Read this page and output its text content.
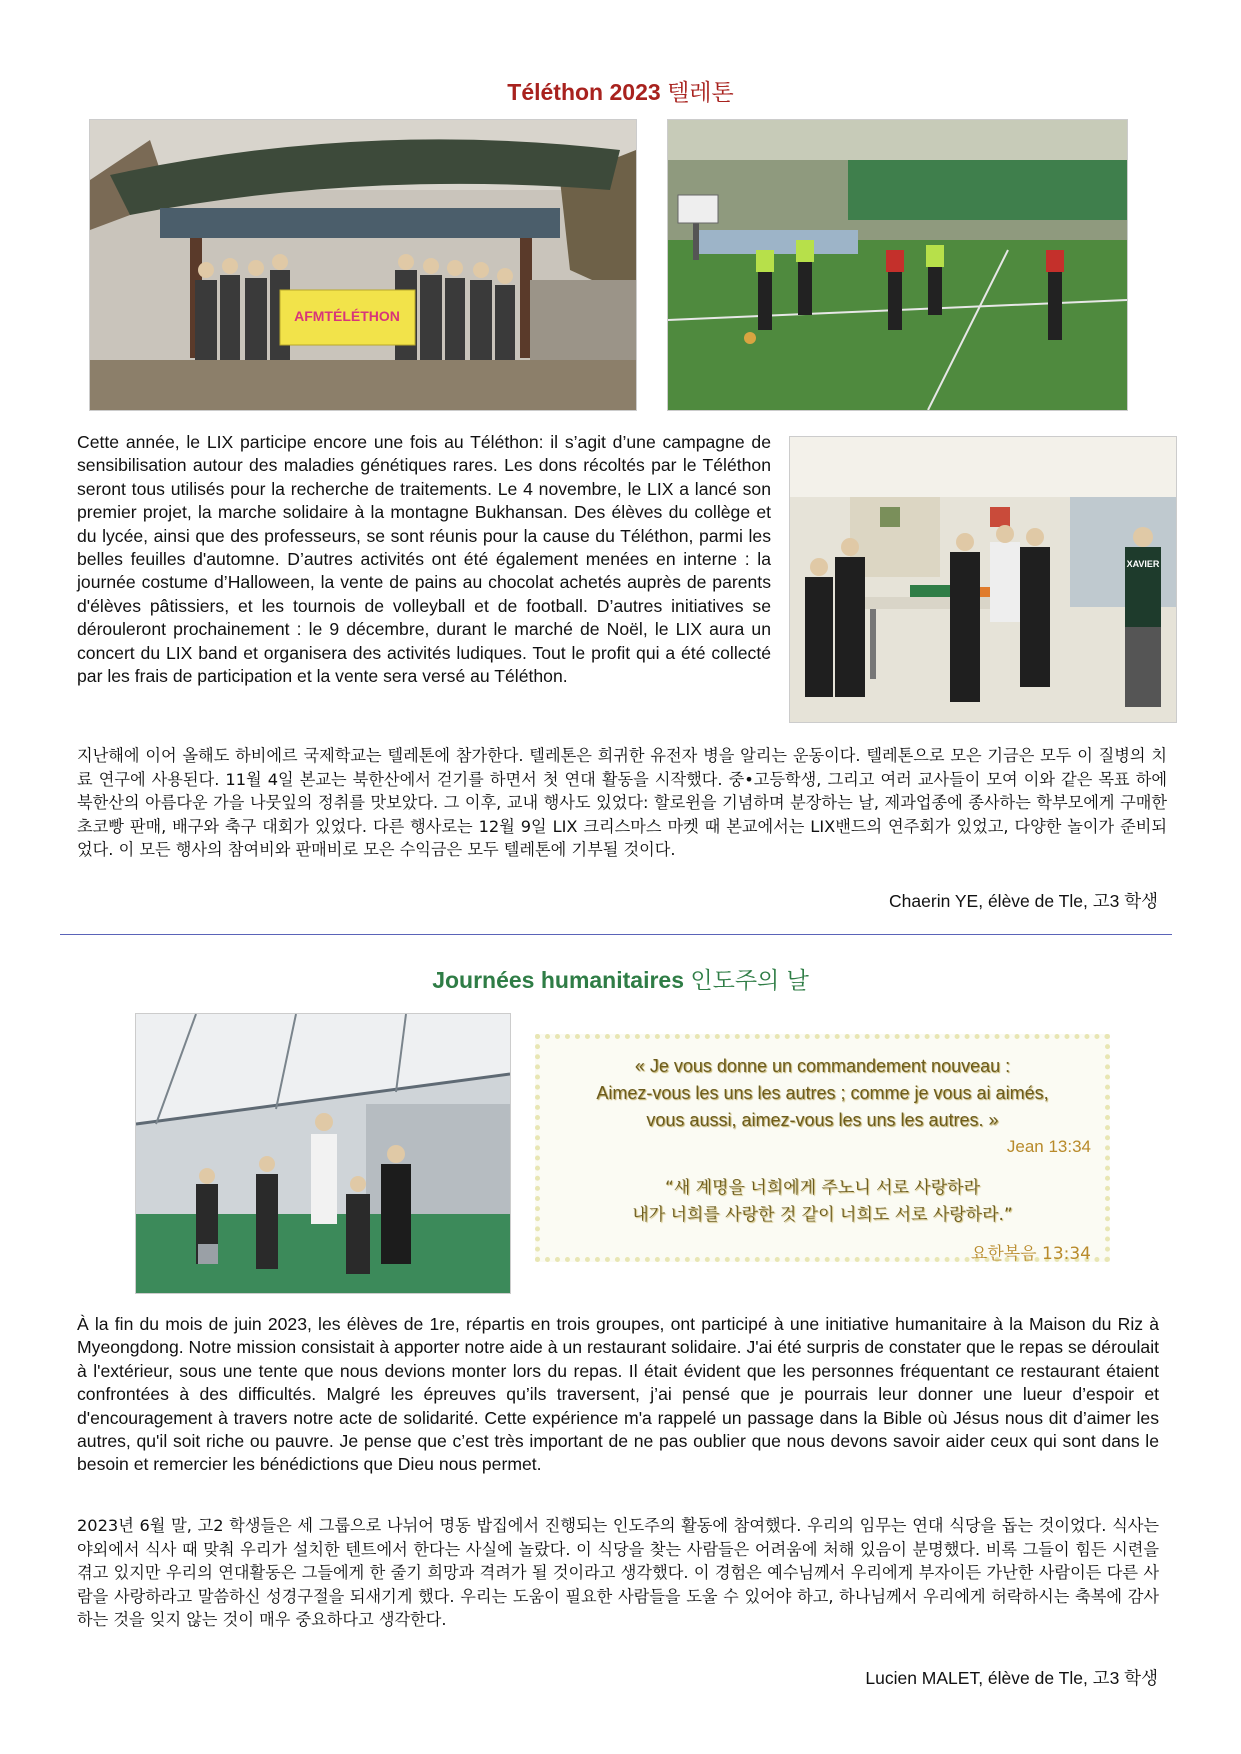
Téléthon 2023 텔레톤
AFMTÉLÉTHON

Cette année, le LIX participe encore une fois au Téléthon: il s’agit d’une campagne de sensibilisation autour des maladies génétiques rares. Les dons récoltés par le Téléthon seront tous utilisés pour la recherche de traitements. Le 4 novembre, le LIX a lancé son premier projet, la marche solidaire à la montagne Bukhansan. Des élèves du collège et du lycée, ainsi que des professeurs, se sont réunis pour la cause du Téléthon, parmi les belles feuilles d'automne. D’autres activités ont été également menées en interne : la journée costume d’Halloween, la vente de pains au chocolat achetés auprès de parents d'élèves pâtissiers, et les tournois de volleyball et de football. D’autres initiatives se dérouleront prochainement : le 9 décembre, durant le marché de Noël, le LIX aura un concert du LIX band et organisera des activités ludiques. Tout le profit qui a été collecté par les frais de participation et la vente sera versé au Téléthon.

XAVIER

지난해에 이어 올해도 하비에르 국제학교는 텔레톤에 참가한다. 텔레톤은 희귀한 유전자 병을 알리는 운동이다. 텔레톤으로 모은 기금은 모두 이 질병의 치료 연구에 사용된다. 11월 4일 본교는 북한산에서 걷기를 하면서 첫 연대 활동을 시작했다. 중•고등학생, 그리고 여러 교사들이 모여 이와 같은 목표 하에 북한산의 아름다운 가을 나뭇잎의 정취를 맛보았다. 그 이후, 교내 행사도 있었다: 할로윈을 기념하며 분장하는 날, 제과업종에 종사하는 학부모에게 구매한 초코빵 판매, 배구와 축구 대회가 있었다. 다른 행사로는 12월 9일 LIX 크리스마스 마켓 때 본교에서는 LIX밴드의 연주회가 있었고, 다양한 놀이가 준비되었다. 이 모든 행사의 참여비와 판매비로 모은 수익금은 모두 텔레톤에 기부될 것이다.

Chaerin YE, élève de Tle, 고3 학생
Journées humanitaires 인도주의 날
« Je vous donne un commandement nouveau :
Aimez-vous les uns les autres ; comme je vous ai aimés,
vous aussi, aimez-vous les uns les autres. »
Jean 13:34
“새 계명을 너희에게 주노니 서로 사랑하라
내가 너희를 사랑한 것 같이 너희도 서로 사랑하라.”
요한복음 13:34

À la fin du mois de juin 2023, les élèves de 1re, répartis en trois groupes, ont participé à une initiative humanitaire à la Maison du Riz à Myeongdong. Notre mission consistait à apporter notre aide à un restaurant solidaire. J'ai été surpris de constater que le repas se déroulait à l'extérieur, sous une tente que nous devions monter lors du repas. Il était évident que les personnes fréquentant ce restaurant étaient confrontées à des difficultés. Malgré les épreuves qu’ils traversent, j’ai pensé que je pourrais leur donner une lueur d’espoir et d'encouragement à travers notre acte de solidarité. Cette expérience m'a rappelé un passage dans la Bible où Jésus nous dit d’aimer les autres, qu'il soit riche ou pauvre. Je pense que c’est très important de ne pas oublier que nous devons savoir aider ceux qui sont dans le besoin et remercier les bénédictions que Dieu nous permet.

2023년 6월 말, 고2 학생들은 세 그룹으로 나뉘어 명동 밥집에서 진행되는 인도주의 활동에 참여했다. 우리의 임무는 연대 식당을 돕는 것이었다. 식사는 야외에서 식사 때 맞춰 우리가 설치한 텐트에서 한다는 사실에 놀랐다. 이 식당을 찾는 사람들은 어려움에 처해 있음이 분명했다. 비록 그들이 힘든 시련을 겪고 있지만 우리의 연대활동은 그들에게 한 줄기 희망과 격려가 될 것이라고 생각했다. 이 경험은 예수님께서 우리에게 부자이든 가난한 사람이든 다른 사람을 사랑하라고 말씀하신 성경구절을 되새기게 했다. 우리는 도움이 필요한 사람들을 도울 수 있어야 하고, 하나님께서 우리에게 허락하시는 축복에 감사하는 것을 잊지 않는 것이 매우 중요하다고 생각한다.

Lucien MALET, élève de Tle, 고3 학생
